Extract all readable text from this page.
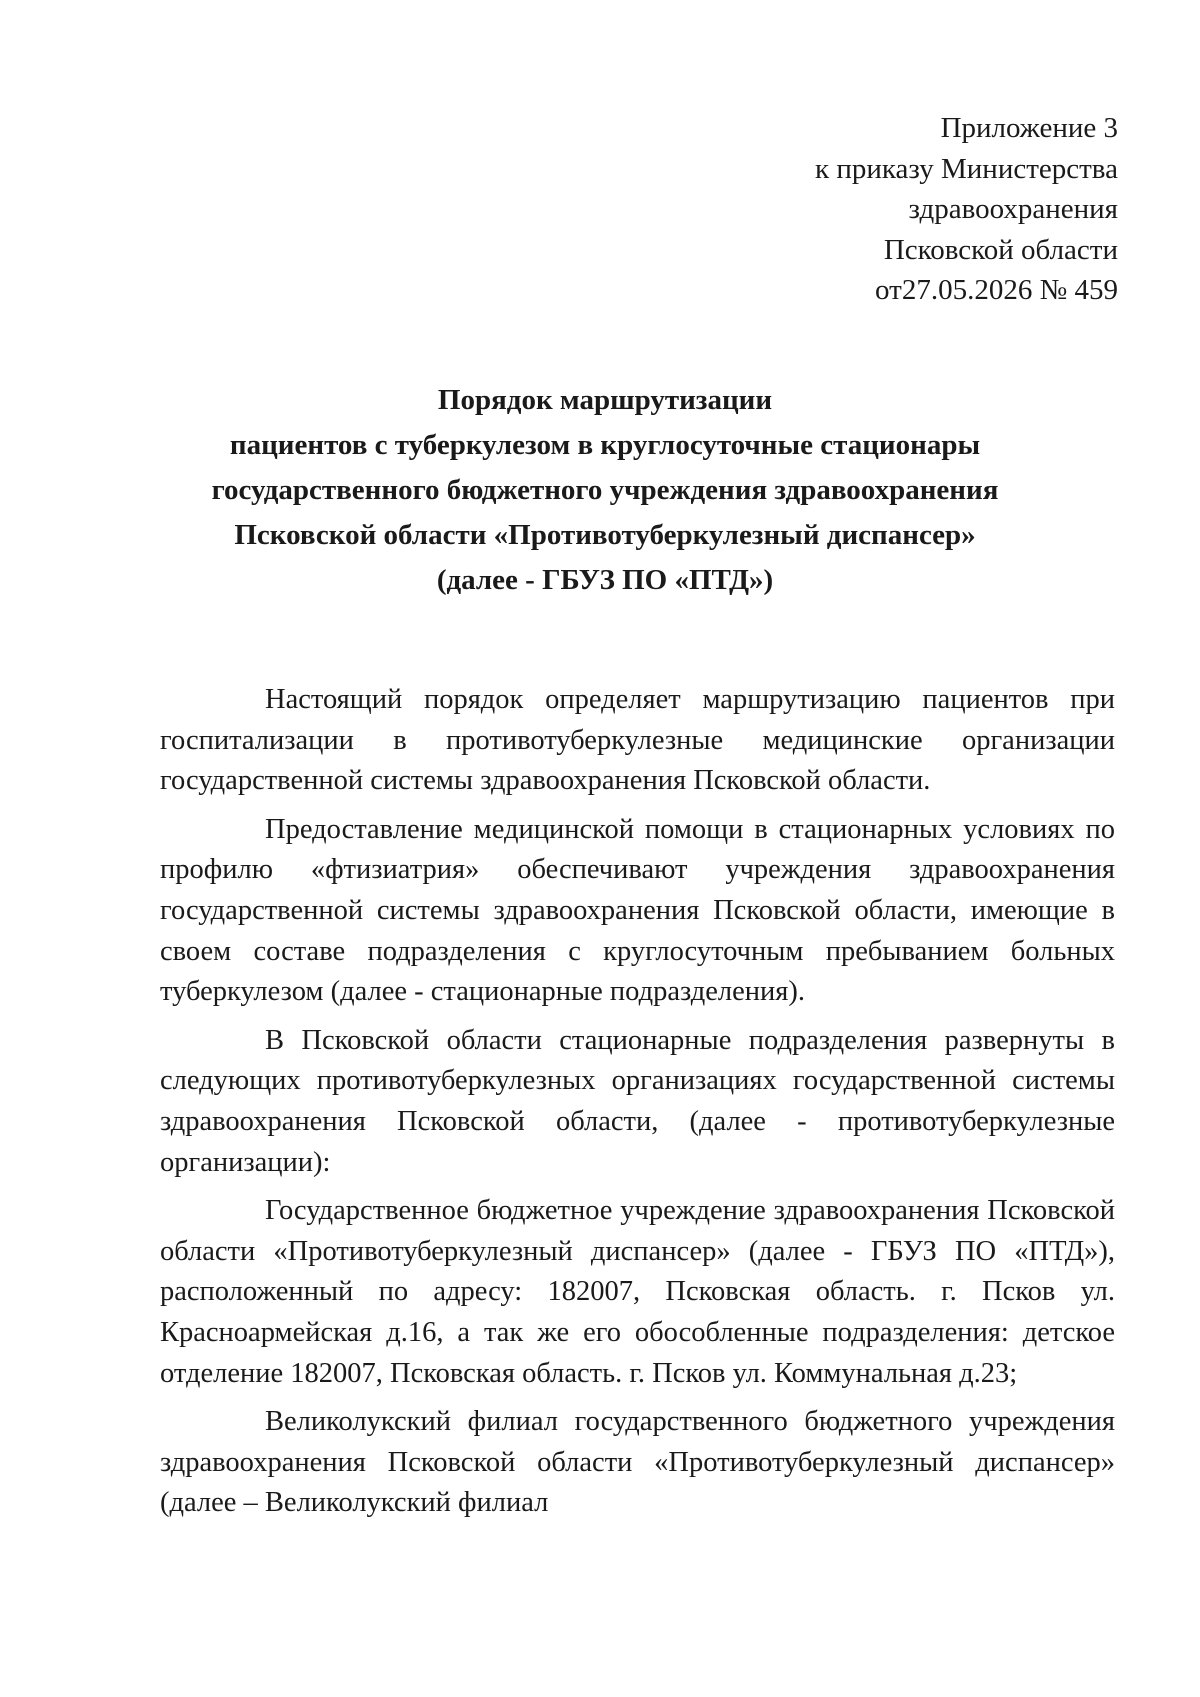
Приложение 3
к приказу Министерства
здравоохранения
Псковской области
от27.05.2026 № 459
Порядок маршрутизации
пациентов с туберкулезом в круглосуточные стационары
государственного бюджетного учреждения здравоохранения
Псковской области «Противотуберкулезный диспансер»
(далее - ГБУЗ ПО «ПТД»)

Настоящий порядок определяет маршрутизацию пациентов при госпитализации в противотуберкулезные медицинские организации государственной системы здравоохранения Псковской области.

Предоставление медицинской помощи в стационарных условиях по профилю «фтизиатрия» обеспечивают учреждения здравоохранения государственной системы здравоохранения Псковской области, имеющие в своем составе подразделения с круглосуточным пребыванием больных туберкулезом (далее - стационарные подразделения).

В Псковской области стационарные подразделения развернуты в следующих противотуберкулезных организациях государственной системы здравоохранения Псковской области, (далее - противотуберкулезные организации):

Государственное бюджетное учреждение здравоохранения Псковской области «Противотуберкулезный диспансер» (далее - ГБУЗ ПО «ПТД»), расположенный по адресу: 182007, Псковская область. г. Псков ул. Красноармейская д.16, а так же его обособленные подразделения: детское отделение 182007, Псковская область. г. Псков ул. Коммунальная д.23;

Великолукский филиал государственного бюджетного учреждения здравоохранения Псковской области «Противотуберкулезный диспансер» (далее – Великолукский филиал
